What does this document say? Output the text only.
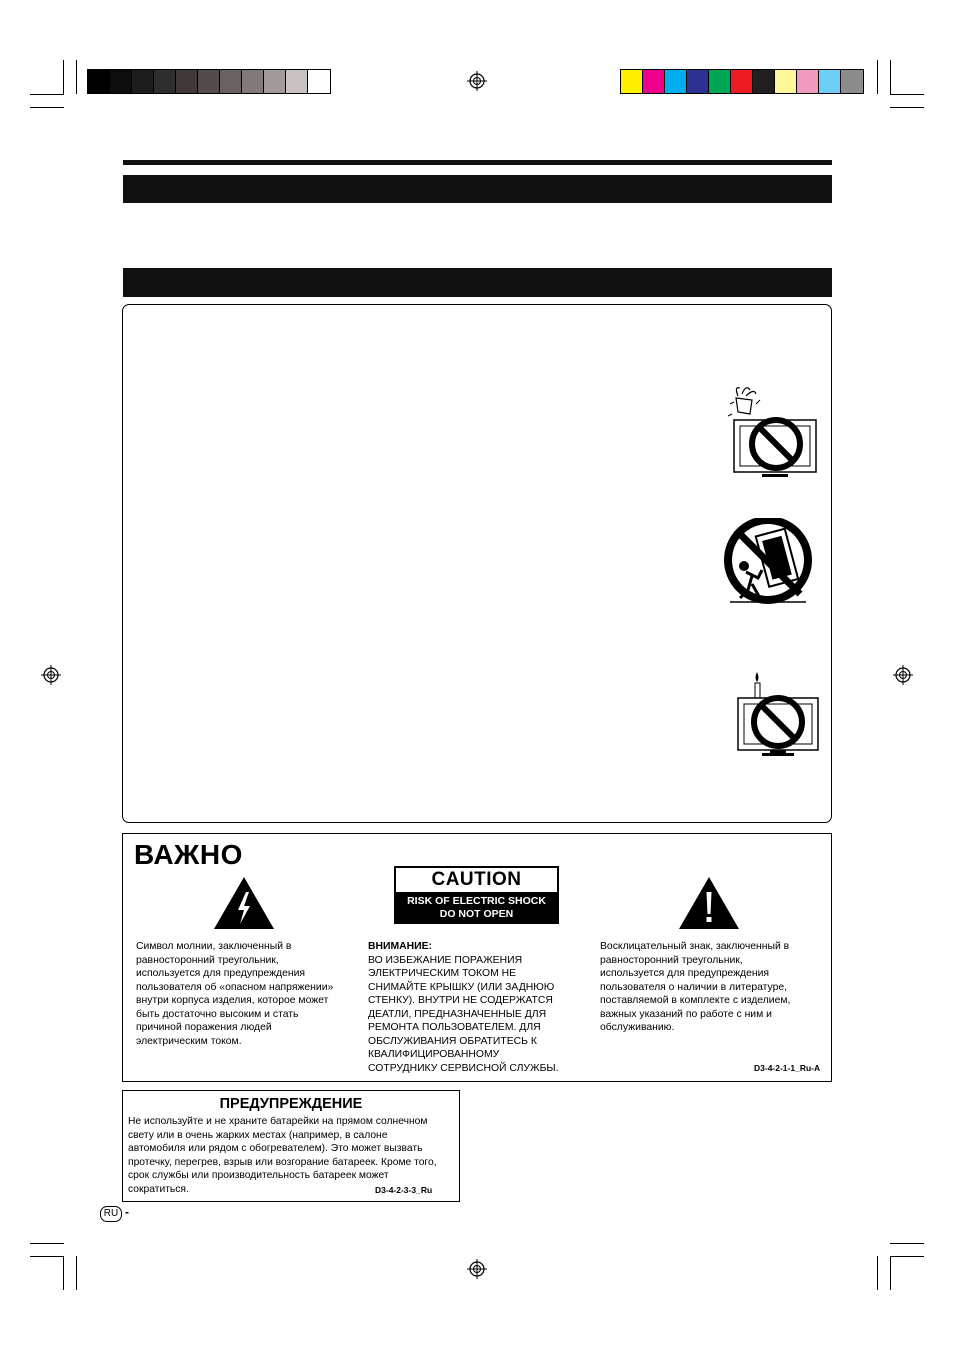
ВАЖНО
CAUTION
RISK OF ELECTRIC SHOCK
DO NOT OPEN
Символ молнии, заключенный в
равносторонний треугольник,
используется для предупреждения
пользователя об «опасном напряжении»
внутри корпуса изделия, которое может
быть достаточно высоким и стать
причиной поражения людей
электрическим током.
ВНИМАНИЕ:
ВО ИЗБЕЖАНИЕ ПОРАЖЕНИЯ
ЭЛЕКТРИЧЕСКИМ ТОКОМ НЕ
СНИМАЙТЕ КРЫШКУ (ИЛИ ЗАДНЮЮ
СТЕНКУ). ВНУТРИ НЕ СОДЕРЖАТСЯ
ДЕАТЛИ, ПРЕДНАЗНАЧЕННЫЕ ДЛЯ
РЕМОНТА ПОЛЬЗОВАТЕЛЕМ. ДЛЯ
ОБСЛУЖИВАНИЯ ОБРАТИТЕСЬ К
КВАЛИФИЦИРОВАННОМУ
СОТРУДНИКУ СЕРВИСНОЙ СЛУЖБЫ.
Восклицательный знак, заключенный в
равносторонний треугольник,
используется для предупреждения
пользователя о наличии в литературе,
поставляемой в комплекте с изделием,
важных указаний по работе с ним и
обслуживанию.
D3-4-2-1-1_Ru-A
ПРЕДУПРЕЖДЕНИЕ
Не используйте и не храните батарейки на прямом солнечном
свету или в очень жарких местах (например, в салоне
автомобиля или рядом с обогревателем). Это может вызвать
протечку, перегрев, взрыв или возгорание батареек. Кроме того,
срок службы или производительность батареек может
сократиться.	D3-4-2-3-3_Ru
RU -
